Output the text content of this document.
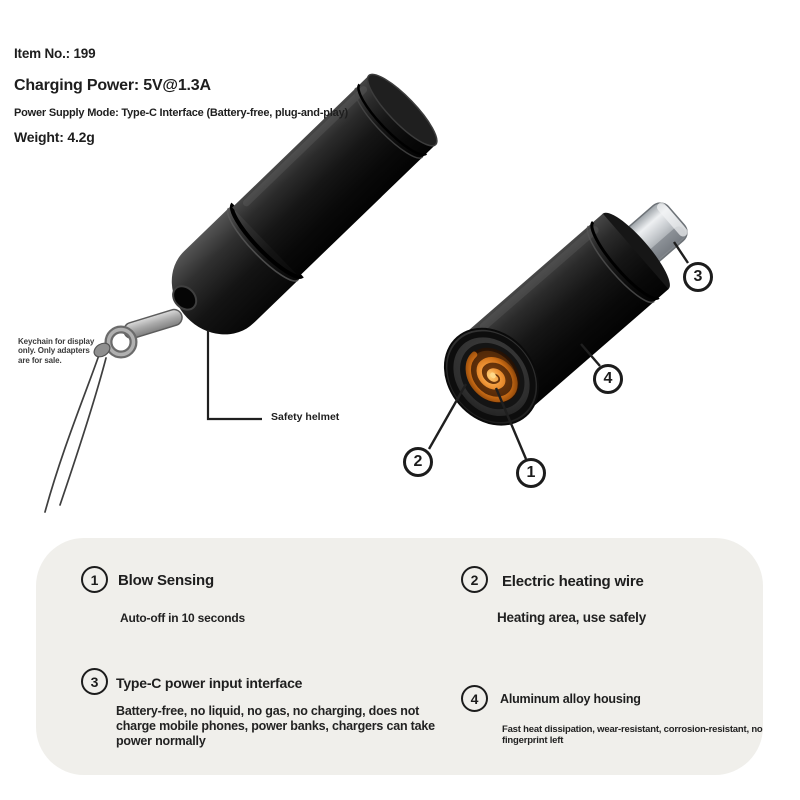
Item No.: 199
Charging Power: 5V@1.3A
Power Supply Mode: Type-C Interface (Battery-free, plug-and-play)
Weight: 4.2g
Keychain for display only. Only adapters are for sale.
Safety helmet
1
2
3
4
1	Blow Sensing
Auto-off in 10 seconds
2	Electric heating wire
Heating area, use safely
3	Type-C power input interface
Battery-free, no liquid, no gas, no charging, does not charge mobile phones, power banks, chargers can take power normally
4	Aluminum alloy housing
Fast heat dissipation, wear-resistant, corrosion-resistant, no fingerprint left
